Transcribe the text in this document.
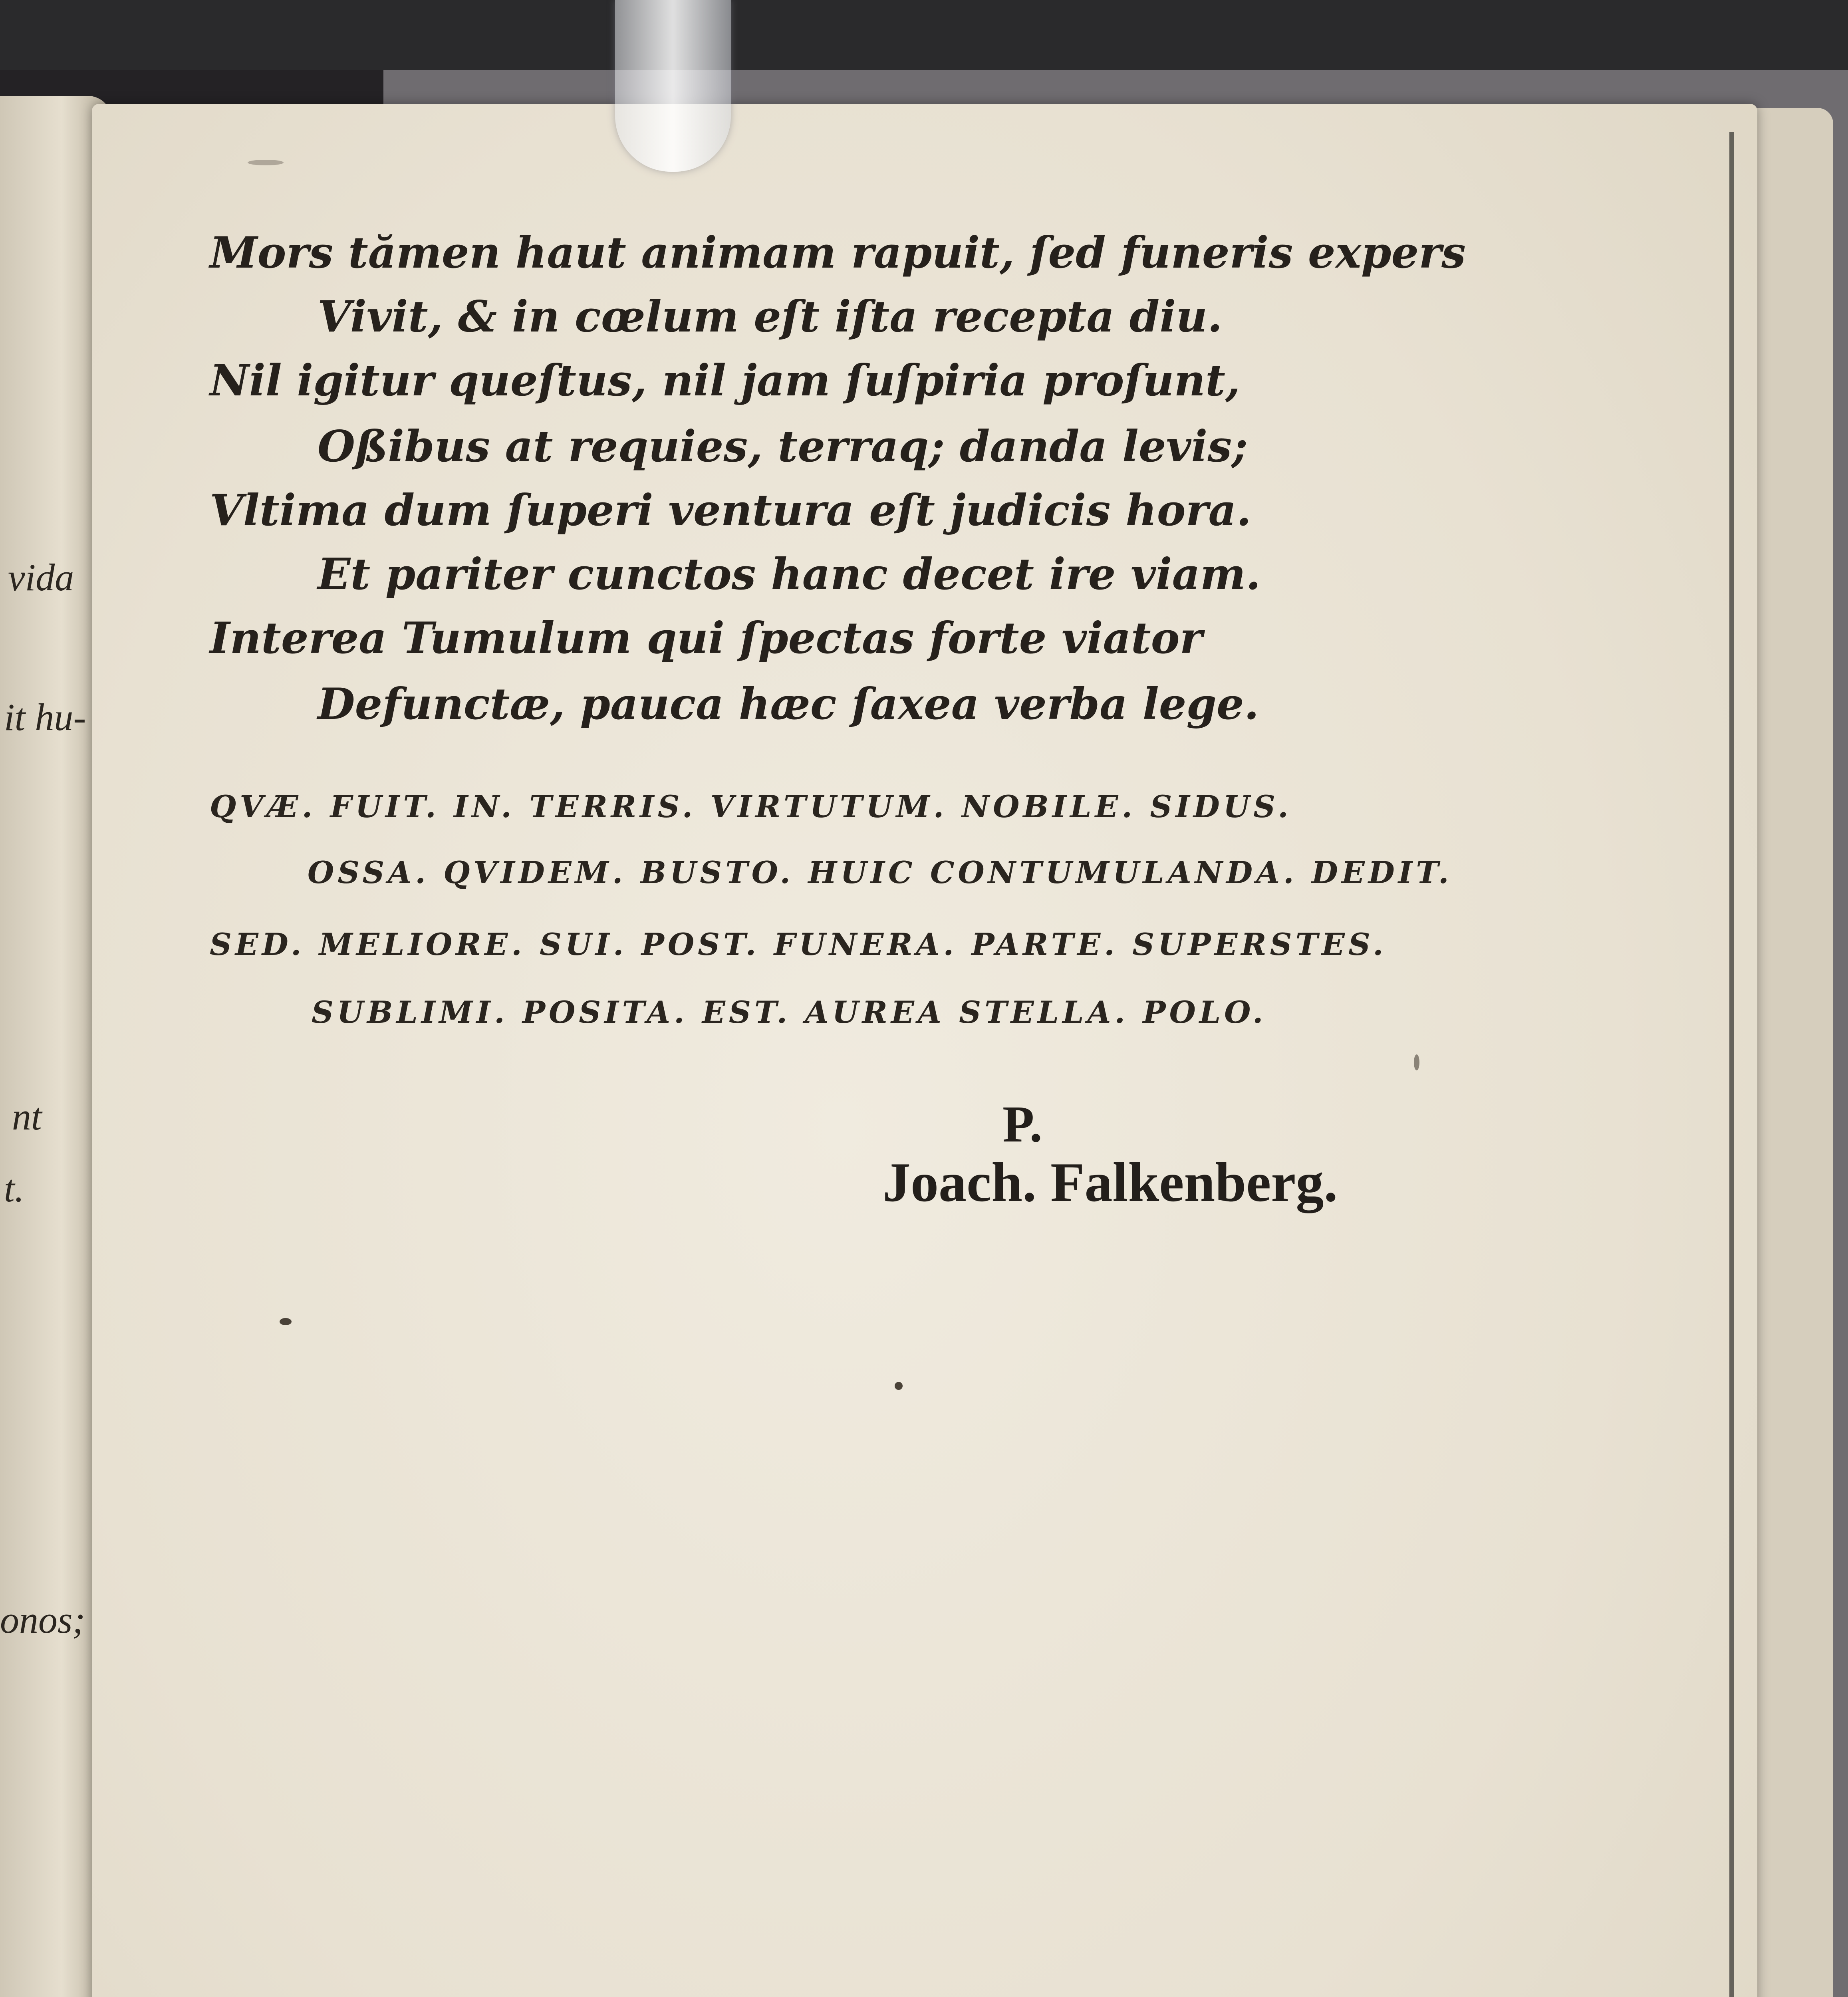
vida
it hu-
nt
t.
onos;
Mors tămen haut animam rapuit, ſed funeris expers
Vivit, & in cœlum eſt iſta recepta diu.
Nil igitur queſtus, nil jam ſuſpiria proſunt,
Oßibus at requies, terraq; danda levis;
Vltima dum ſuperi ventura eſt judicis hora.
Et pariter cunctos hanc decet ire viam.
Interea Tumulum qui ſpectas forte viator
Defunctæ, pauca hæc ſaxea verba lege.
QVÆ. FUIT. IN. TERRIS. VIRTUTUM. NOBILE. SIDUS.
OSSA. QVIDEM. BUSTO. HUIC CONTUMULANDA. DEDIT.
SED. MELIORE. SUI. POST. FUNERA. PARTE. SUPERSTES.
SUBLIMI. POSITA. EST. AUREA STELLA. POLO.
P.
Joach. Falkenberg.
